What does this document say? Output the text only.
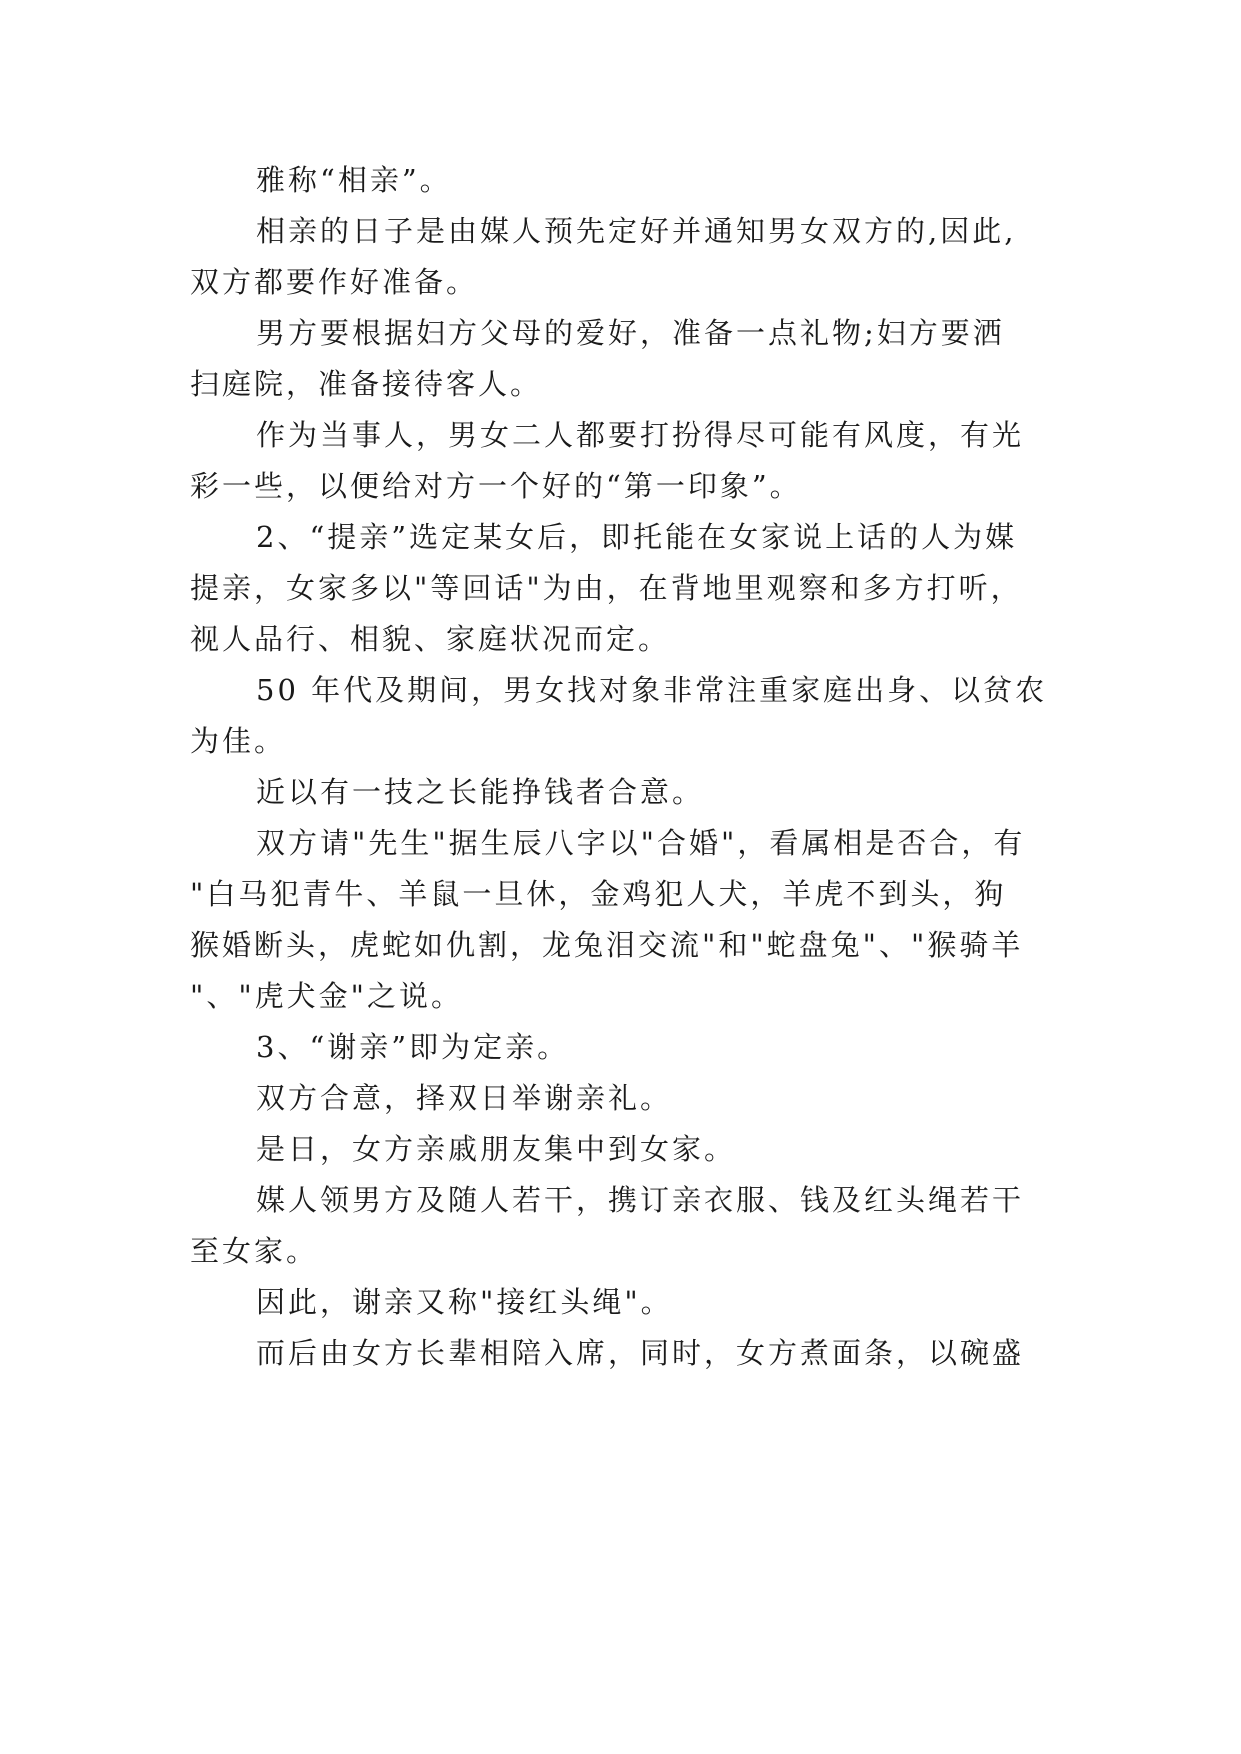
雅称“相亲”。
相亲的日子是由媒人预先定好并通知男女双方的,因此,
双方都要作好准备。
男方要根据妇方父母的爱好，准备一点礼物;妇方要洒
扫庭院，准备接待客人。
作为当事人，男女二人都要打扮得尽可能有风度，有光
彩一些，以便给对方一个好的“第一印象”。
2、“提亲”选定某女后，即托能在女家说上话的人为媒
提亲，女家多以"等回话"为由，在背地里观察和多方打听，
视人品行、相貌、家庭状况而定。
50 年代及期间，男女找对象非常注重家庭出身、以贫农
为佳。
近以有一技之长能挣钱者合意。
双方请"先生"据生辰八字以"合婚"，看属相是否合，有
"白马犯青牛、羊鼠一旦休，金鸡犯人犬，羊虎不到头，狗
猴婚断头，虎蛇如仇割，龙兔泪交流"和"蛇盘兔"、"猴骑羊
"、"虎犬金"之说。
3、“谢亲”即为定亲。
双方合意，择双日举谢亲礼。
是日，女方亲戚朋友集中到女家。
媒人领男方及随人若干，携订亲衣服、钱及红头绳若干
至女家。
因此，谢亲又称"接红头绳"。
而后由女方长辈相陪入席，同时，女方煮面条，以碗盛
